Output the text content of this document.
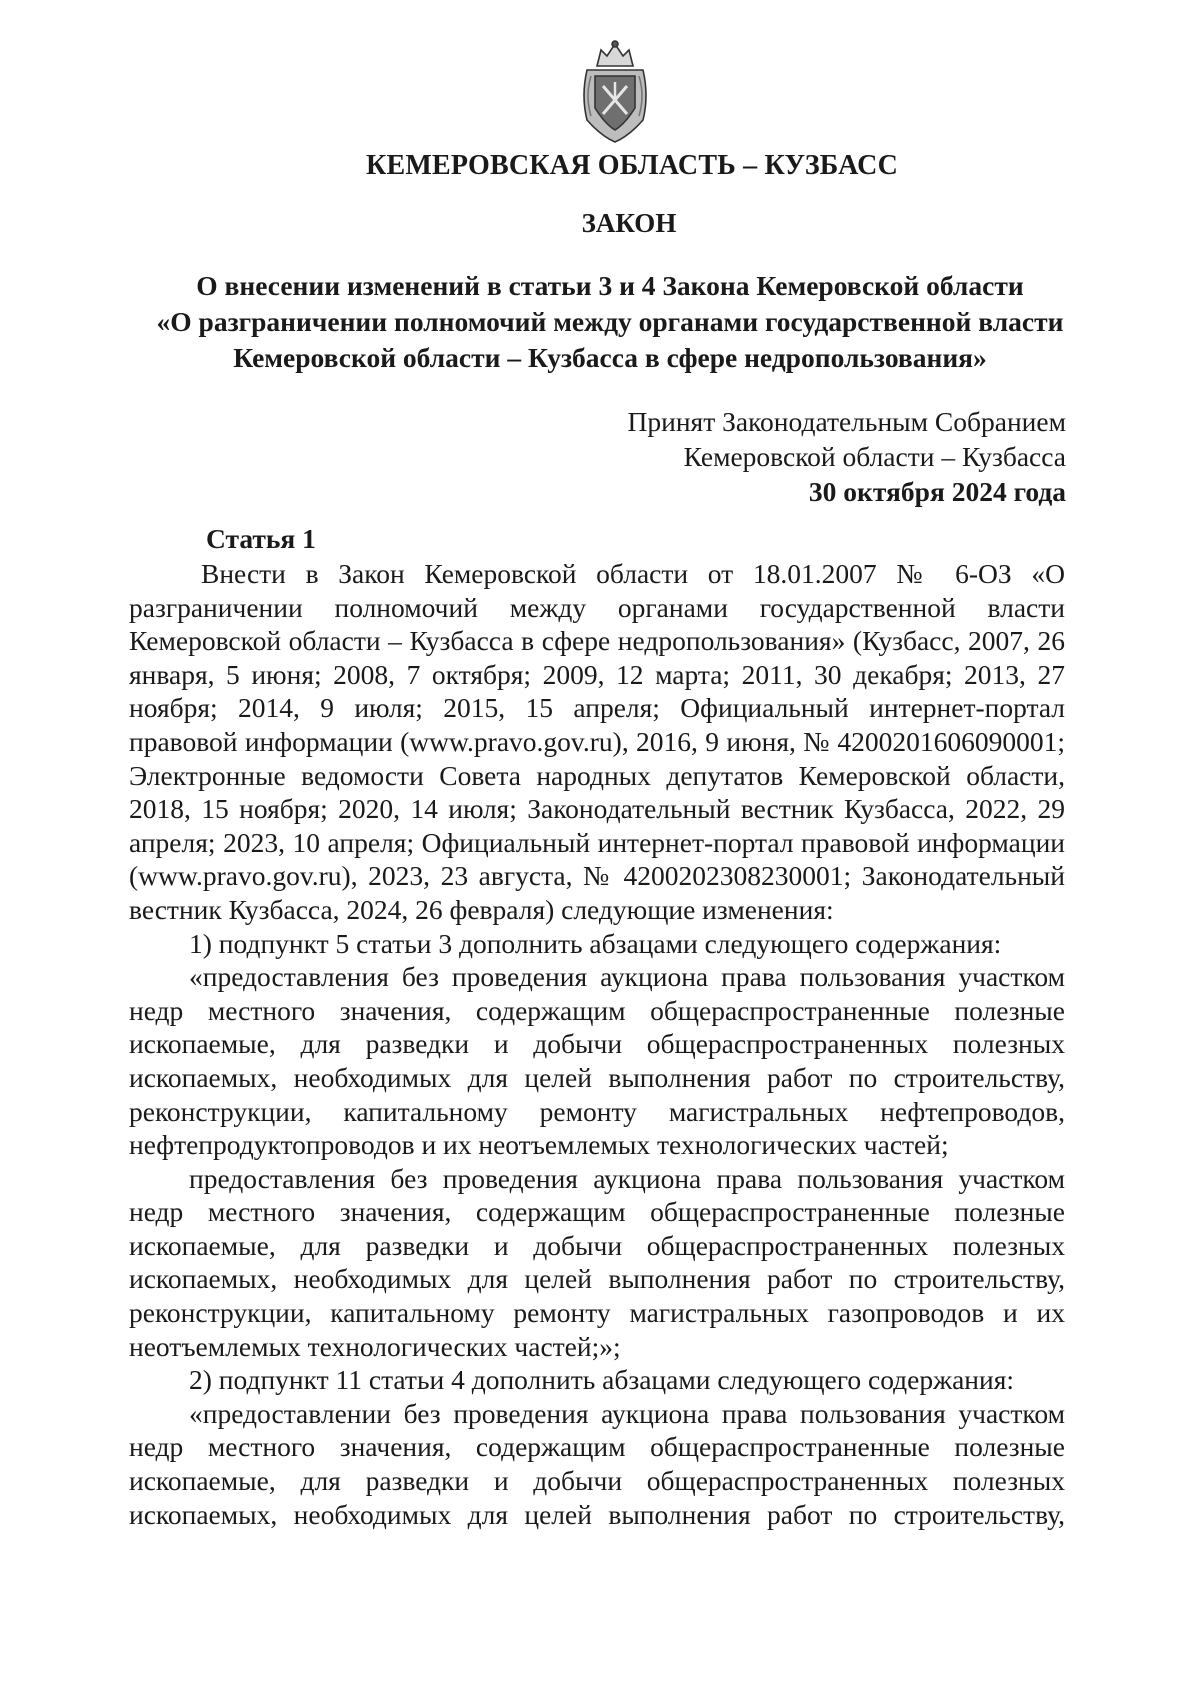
КЕМЕРОВСКАЯ ОБЛАСТЬ – КУЗБАСС
ЗАКОН
О внесении изменений в статьи 3 и 4 Закона Кемеровской области
«О разграничении полномочий между органами государственной власти
Кемеровской области – Кузбасса в сфере недропользования»
Принят Законодательным Собранием
Кемеровской области – Кузбасса
30 октября 2024 года
Статья 1

Внести в Закон Кемеровской области от 18.01.2007 № 6-ОЗ «О разграничении полномочий между органами государственной власти Кемеровской области – Кузбасса в сфере недропользования» (Кузбасс, 2007, 26 января, 5 июня; 2008, 7 октября; 2009, 12 марта; 2011, 30 декабря; 2013, 27 ноября; 2014, 9 июля; 2015, 15 апреля; Официальный интернет-портал правовой информации (www.pravo.gov.ru), 2016, 9 июня, № 4200201606090001; Электронные ведомости Совета народных депутатов Кемеровской области, 2018, 15 ноября; 2020, 14 июля; Законодательный вестник Кузбасса, 2022, 29 апреля; 2023, 10 апреля; Официальный интернет-портал правовой информации (www.pravo.gov.ru), 2023, 23 августа, № 4200202308230001; Законодательный вестник Кузбасса, 2024, 26 февраля) следующие изменения:

1) подпункт 5 статьи 3 дополнить абзацами следующего содержания:

«предоставления без проведения аукциона права пользования участком недр местного значения, содержащим общераспространенные полезные ископаемые, для разведки и добычи общераспространенных полезных ископаемых, необходимых для целей выполнения работ по строительству, реконструкции, капитальному ремонту магистральных нефтепроводов, нефтепродуктопроводов и их неотъемлемых технологических частей;

предоставления без проведения аукциона права пользования участком недр местного значения, содержащим общераспространенные полезные ископаемые, для разведки и добычи общераспространенных полезных ископаемых, необходимых для целей выполнения работ по строительству, реконструкции, капитальному ремонту магистральных газопроводов и их неотъемлемых технологических частей;»;

2) подпункт 11 статьи 4 дополнить абзацами следующего содержания:

«предоставлении без проведения аукциона права пользования участком недр местного значения, содержащим общераспространенные полезные ископаемые, для разведки и добычи общераспространенных полезных ископаемых, необходимых для целей выполнения работ по строительству,
